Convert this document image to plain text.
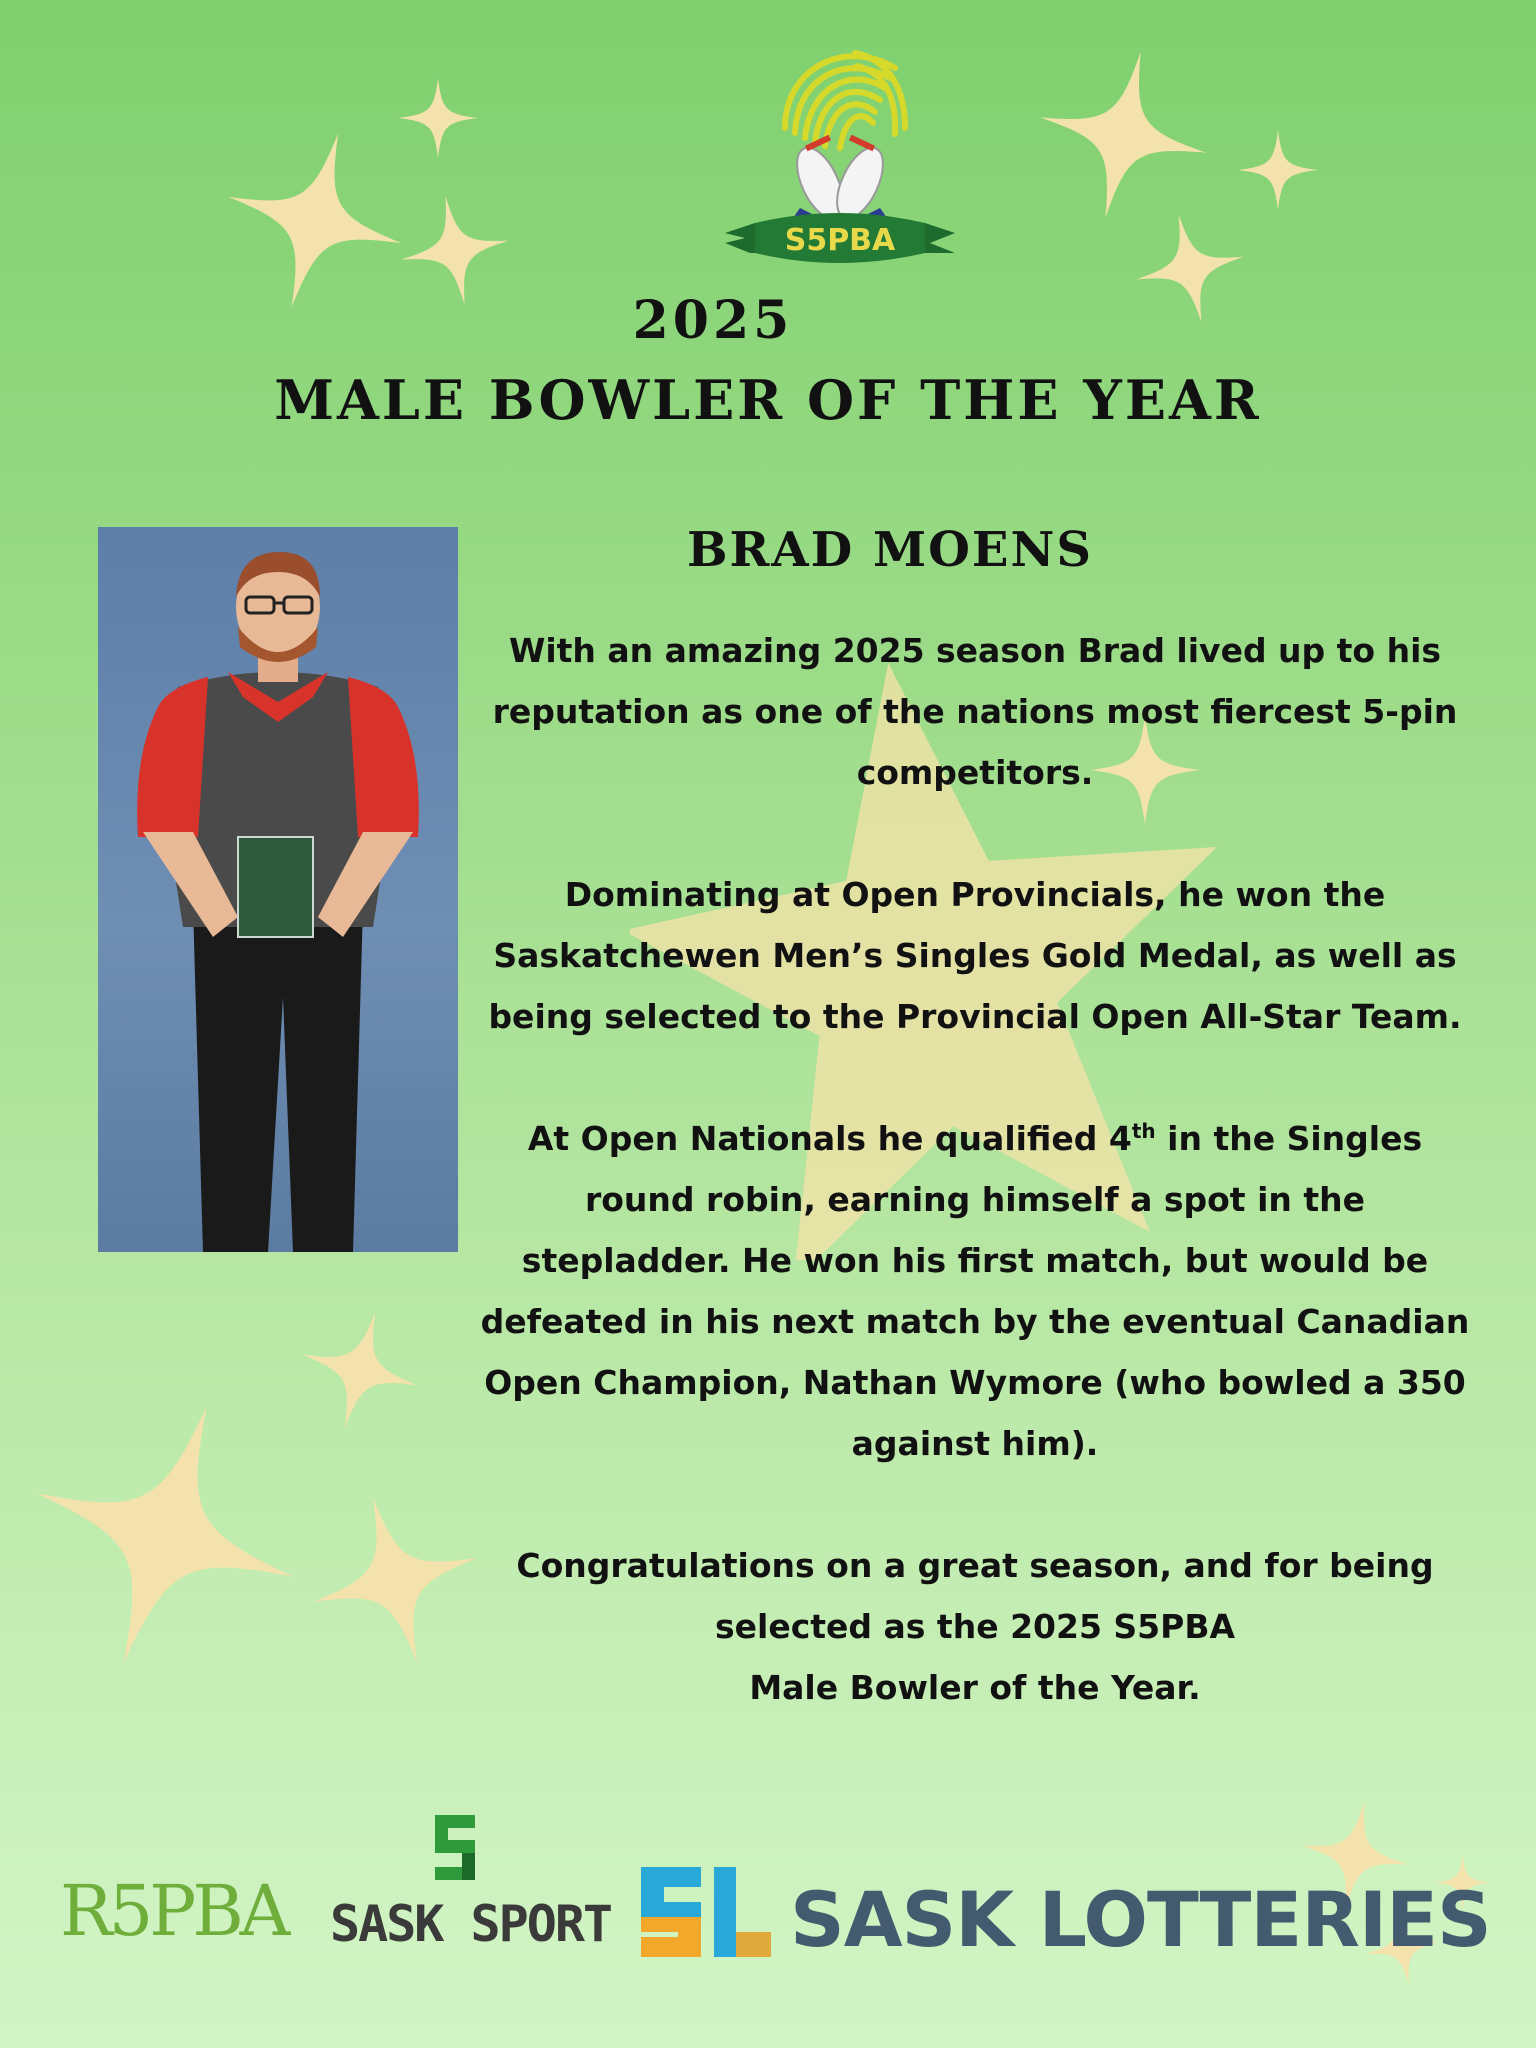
S5PBA
2025
MALE BOWLER OF THE YEAR
BRAD MOENS

With an amazing 2025 season Brad lived up to his reputation as one of the nations most fiercest 5-pin competitors.

Dominating at Open Provincials, he won the Saskatchewen Men’s Singles Gold Medal, as well as being selected to the Provincial Open All-Star Team.

At Open Nationals he qualified 4th in the Singles round robin, earning himself a spot in the stepladder. He won his first match, but would be defeated in his next match by the eventual Canadian Open Champion, Nathan Wymore (who bowled a 350 against him).

Congratulations on a great season, and for being selected as the 2025 S5PBA
Male Bowler of the Year.

R5PBA SASK SPORT SASK LOTTERIES
